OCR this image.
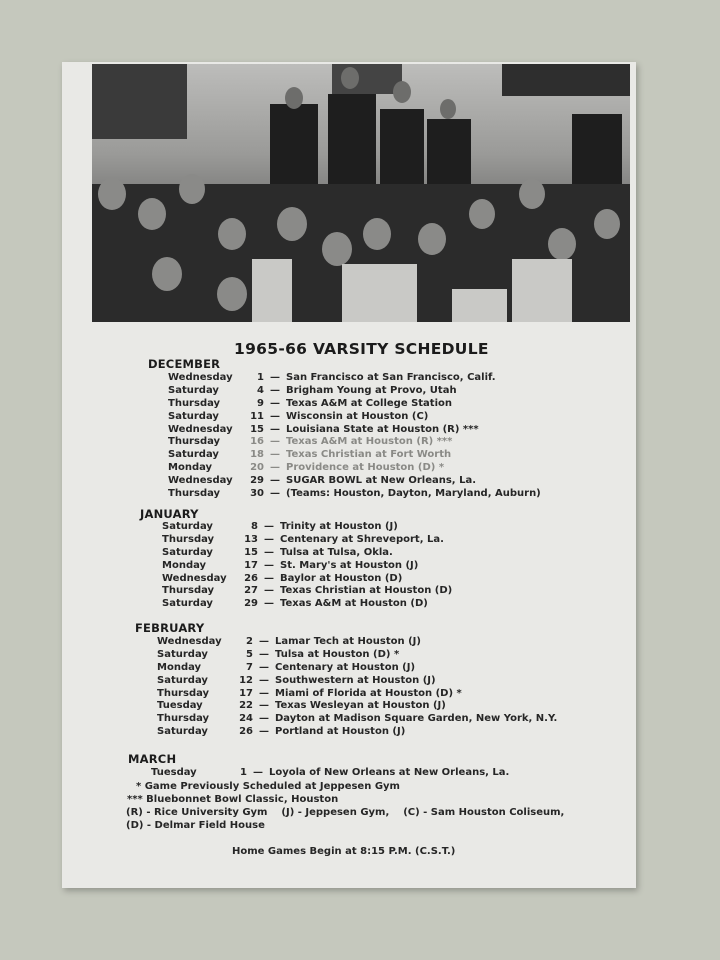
1965-66 VARSITY SCHEDULE
DECEMBER
Wednesday	1 — San Francisco at San Francisco, Calif.
Saturday	4 — Brigham Young at Provo, Utah
Thursday	9 — Texas A&M at College Station
Saturday	11 — Wisconsin at Houston (C)
Wednesday	15 — Louisiana State at Houston (R) ***
Thursday	16 — Texas A&M at Houston (R) ***
Saturday	18 — Texas Christian at Fort Worth
Monday	20 — Providence at Houston (D) *
Wednesday	29 — SUGAR BOWL at New Orleans, La.
Thursday	30 — (Teams: Houston, Dayton, Maryland, Auburn)
JANUARY
Saturday	8 — Trinity at Houston (J)
Thursday	13 — Centenary at Shreveport, La.
Saturday	15 — Tulsa at Tulsa, Okla.
Monday	17 — St. Mary's at Houston (J)
Wednesday	26 — Baylor at Houston (D)
Thursday	27 — Texas Christian at Houston (D)
Saturday	29 — Texas A&M at Houston (D)
FEBRUARY
Wednesday	2 — Lamar Tech at Houston (J)
Saturday	5 — Tulsa at Houston (D) *
Monday	7 — Centenary at Houston (J)
Saturday	12 — Southwestern at Houston (J)
Thursday	17 — Miami of Florida at Houston (D) *
Tuesday	22 — Texas Wesleyan at Houston (J)
Thursday	24 — Dayton at Madison Square Garden, New York, N.Y.
Saturday	26 — Portland at Houston (J)
MARCH
Tuesday	1 — Loyola of New Orleans at New Orleans, La.
* Game Previously Scheduled at Jeppesen Gym
*** Bluebonnet Bowl Classic, Houston
(R) - Rice University Gym    (J) - Jeppesen Gym,    (C) - Sam Houston Coliseum,
(D) - Delmar Field House
Home Games Begin at 8:15 P.M. (C.S.T.)
